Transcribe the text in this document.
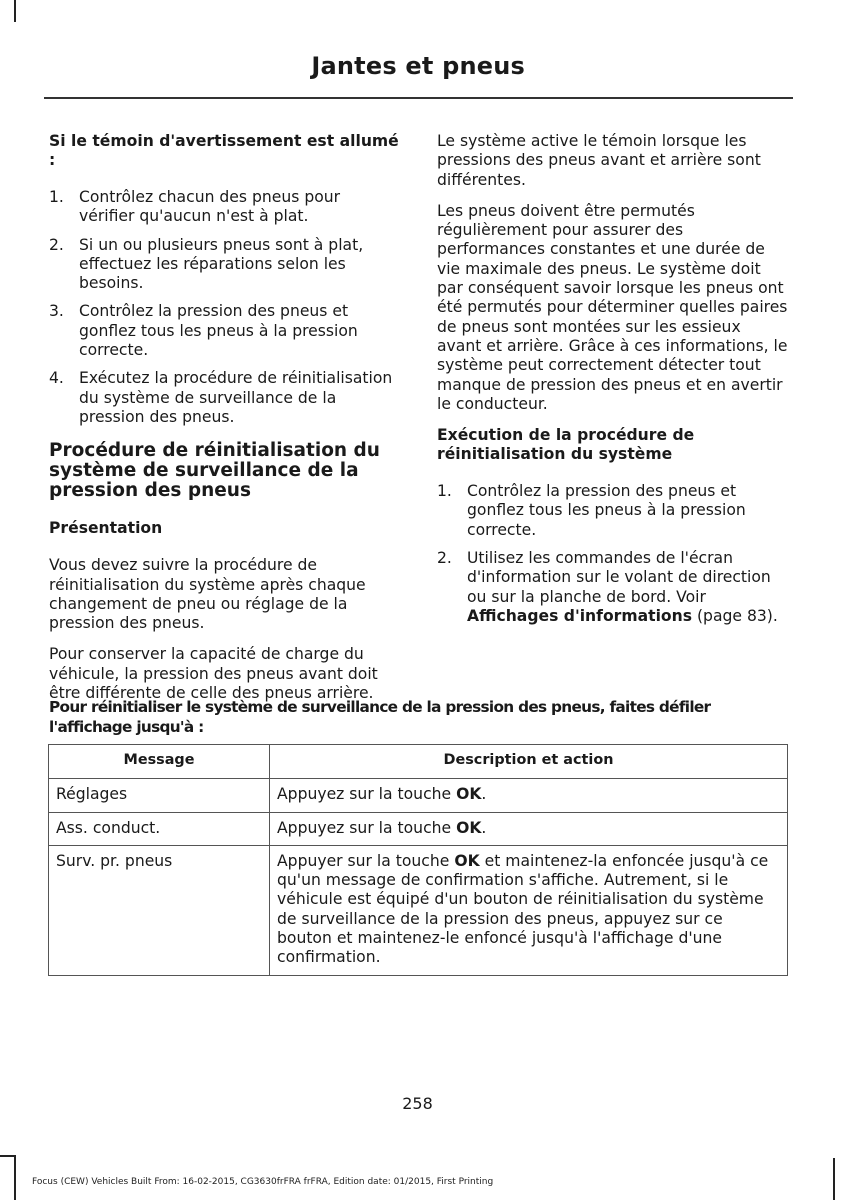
Jantes et pneus
Si le témoin d'avertissement est allumé :
1. Contrôlez chacun des pneus pour vérifier qu'aucun n'est à plat.
2. Si un ou plusieurs pneus sont à plat, effectuez les réparations selon les besoins.
3. Contrôlez la pression des pneus et gonflez tous les pneus à la pression correcte.
4. Exécutez la procédure de réinitialisation du système de surveillance de la pression des pneus.
Procédure de réinitialisation du système de surveillance de la pression des pneus
Présentation

Vous devez suivre la procédure de réinitialisation du système après chaque changement de pneu ou réglage de la pression des pneus.

Pour conserver la capacité de charge du véhicule, la pression des pneus avant doit être différente de celle des pneus arrière.

Le système active le témoin lorsque les pressions des pneus avant et arrière sont différentes.

Les pneus doivent être permutés régulièrement pour assurer des performances constantes et une durée de vie maximale des pneus. Le système doit par conséquent savoir lorsque les pneus ont été permutés pour déterminer quelles paires de pneus sont montées sur les essieux avant et arrière. Grâce à ces informations, le système peut correctement détecter tout manque de pression des pneus et en avertir le conducteur.

Exécution de la procédure de réinitialisation du système
1. Contrôlez la pression des pneus et gonflez tous les pneus à la pression correcte.
2. Utilisez les commandes de l'écran d'information sur le volant de direction ou sur la planche de bord. Voir Affichages d'informations (page 83).
Pour réinitialiser le système de surveillance de la pression des pneus, faites défiler l'affichage jusqu'à :
Message	Description et action
Réglages	Appuyez sur la touche OK.
Ass. conduct.	Appuyez sur la touche OK.
Surv. pr. pneus	Appuyer sur la touche OK et maintenez-la enfoncée jusqu'à ce qu'un message de confirmation s'affiche. Autrement, si le véhicule est équipé d'un bouton de réinitialisation du système de surveillance de la pression des pneus, appuyez sur ce bouton et maintenez-le enfoncé jusqu'à l'affichage d'une confirmation.
258
Focus (CEW) Vehicles Built From: 16-02-2015, CG3630frFRA frFRA, Edition date: 01/2015, First Printing
